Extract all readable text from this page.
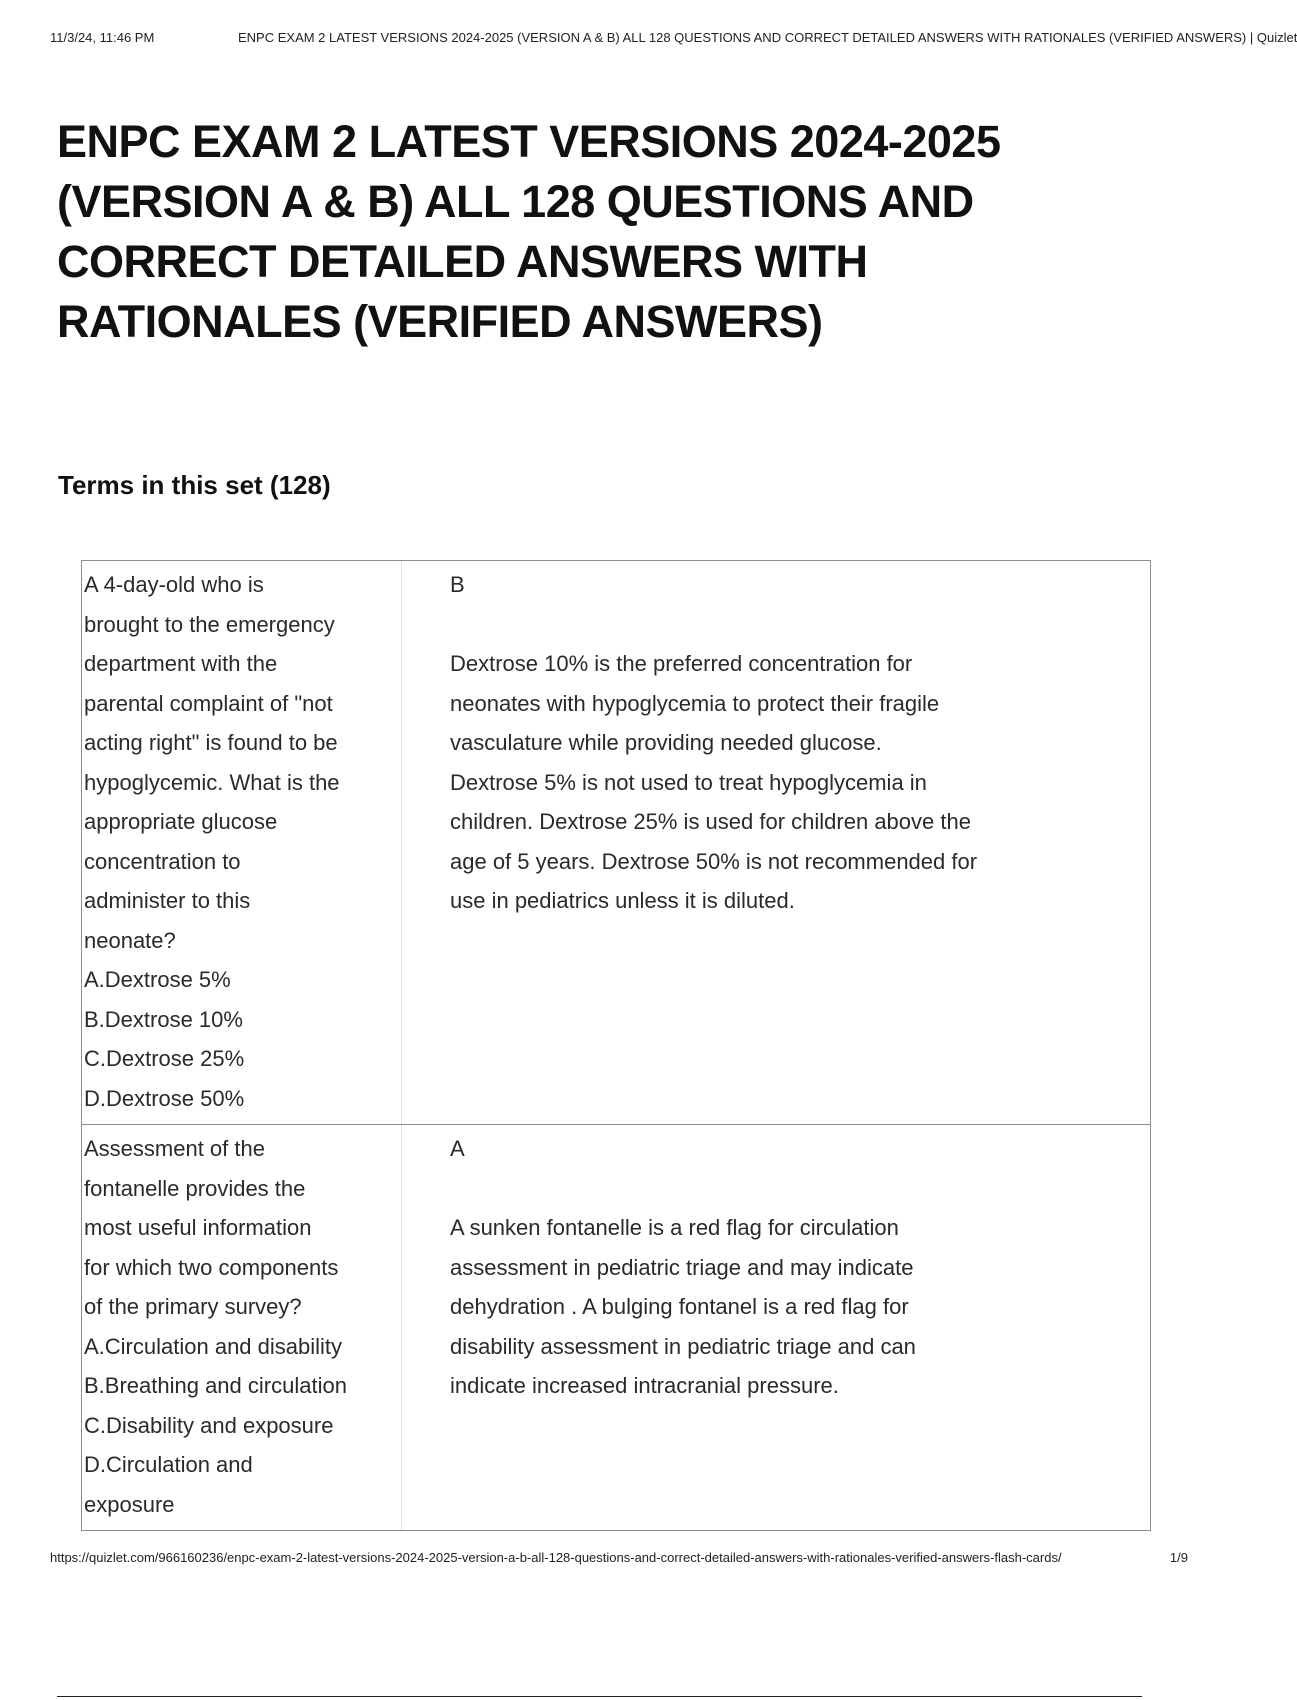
11/3/24, 11:46 PM	ENPC EXAM 2 LATEST VERSIONS 2024-2025 (VERSION A & B) ALL 128 QUESTIONS AND CORRECT DETAILED ANSWERS WITH RATIONALES (VERIFIED ANSWERS) | Quizlet
ENPC EXAM 2 LATEST VERSIONS 2024-2025
(VERSION A & B) ALL 128 QUESTIONS AND
CORRECT DETAILED ANSWERS WITH
RATIONALES (VERIFIED ANSWERS)
Terms in this set (128)
A 4-day-old who is
brought to the emergency
department with the
parental complaint of "not
acting right" is found to be
hypoglycemic. What is the
appropriate glucose
concentration to
administer to this
neonate?
A.Dextrose 5%
B.Dextrose 10%
C.Dextrose 25%
D.Dextrose 50%
B
Dextrose 10% is the preferred concentration for
neonates with hypoglycemia to protect their fragile
vasculature while providing needed glucose.
Dextrose 5% is not used to treat hypoglycemia in
children. Dextrose 25% is used for children above the
age of 5 years. Dextrose 50% is not recommended for
use in pediatrics unless it is diluted.
Assessment of the
fontanelle provides the
most useful information
for which two components
of the primary survey?
A.Circulation and disability
B.Breathing and circulation
C.Disability and exposure
D.Circulation and
exposure
A
A sunken fontanelle is a red flag for circulation
assessment in pediatric triage and may indicate
dehydration . A bulging fontanel is a red flag for
disability assessment in pediatric triage and can
indicate increased intracranial pressure.
https://quizlet.com/966160236/enpc-exam-2-latest-versions-2024-2025-version-a-b-all-128-questions-and-correct-detailed-answers-with-rationales-verified-answers-flash-cards/	1/9
